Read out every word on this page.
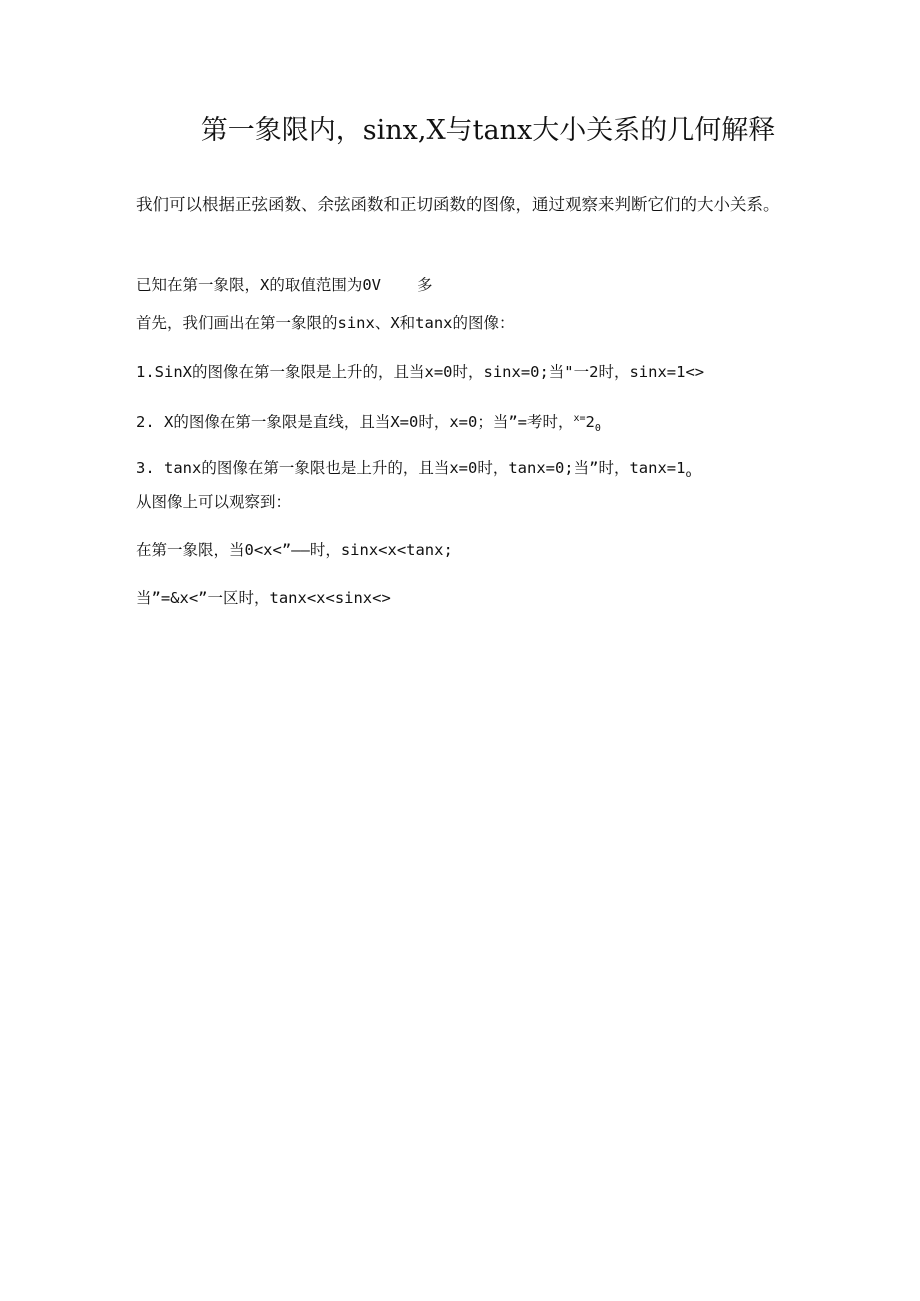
第一象限内，sinx,X与tanx大小关系的几何解释
我们可以根据正弦函数、余弦函数和正切函数的图像，通过观察来判断它们的大小关系。
已知在第一象限，X的取值范围为0V 多
首先，我们画出在第一象限的sinx、X和tanx的图像：
1.SinX的图像在第一象限是上升的，且当x=0时，sinx=0;当"一2时，sinx=1<>
2. X的图像在第一象限是直线，且当X=0时，x=0；当”=考时，$^{x=}2_0$
3. tanx的图像在第一象限也是上升的，且当x=0时，tanx=0;当”时，$\tan x=1_o$
从图像上可以观察到：
在第一象限，当0<x<”——时，sinx<x<tanx;
当”=&x<”一区时，tanx<x<sinx<>
